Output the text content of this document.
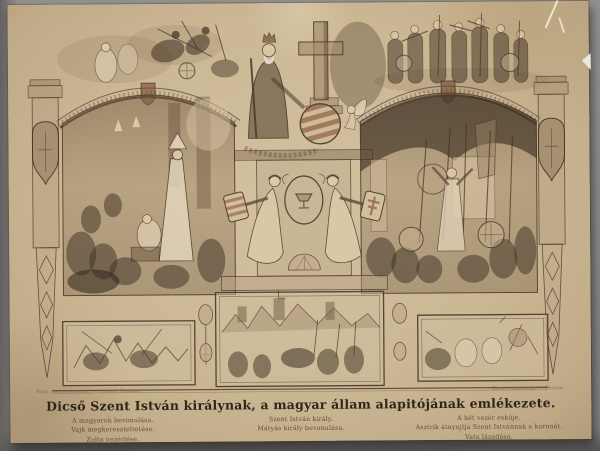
Rajz. és kőre metsz. — nyomt. Pesten.	Kiadó tulajdona. — Pesten.
Dicső Szent István királynak, a magyar állam alapitójának emlékezete.
A magyarok bevonulása.
Vajk megkereszteltetése.
Zolta vezérlése.
Szent István király.
Mátyás király bevonulása.
A hét vezér esküje.
Asztrik átnyujtja Szent Istvánnak a koronát.
Vata lázadása.
